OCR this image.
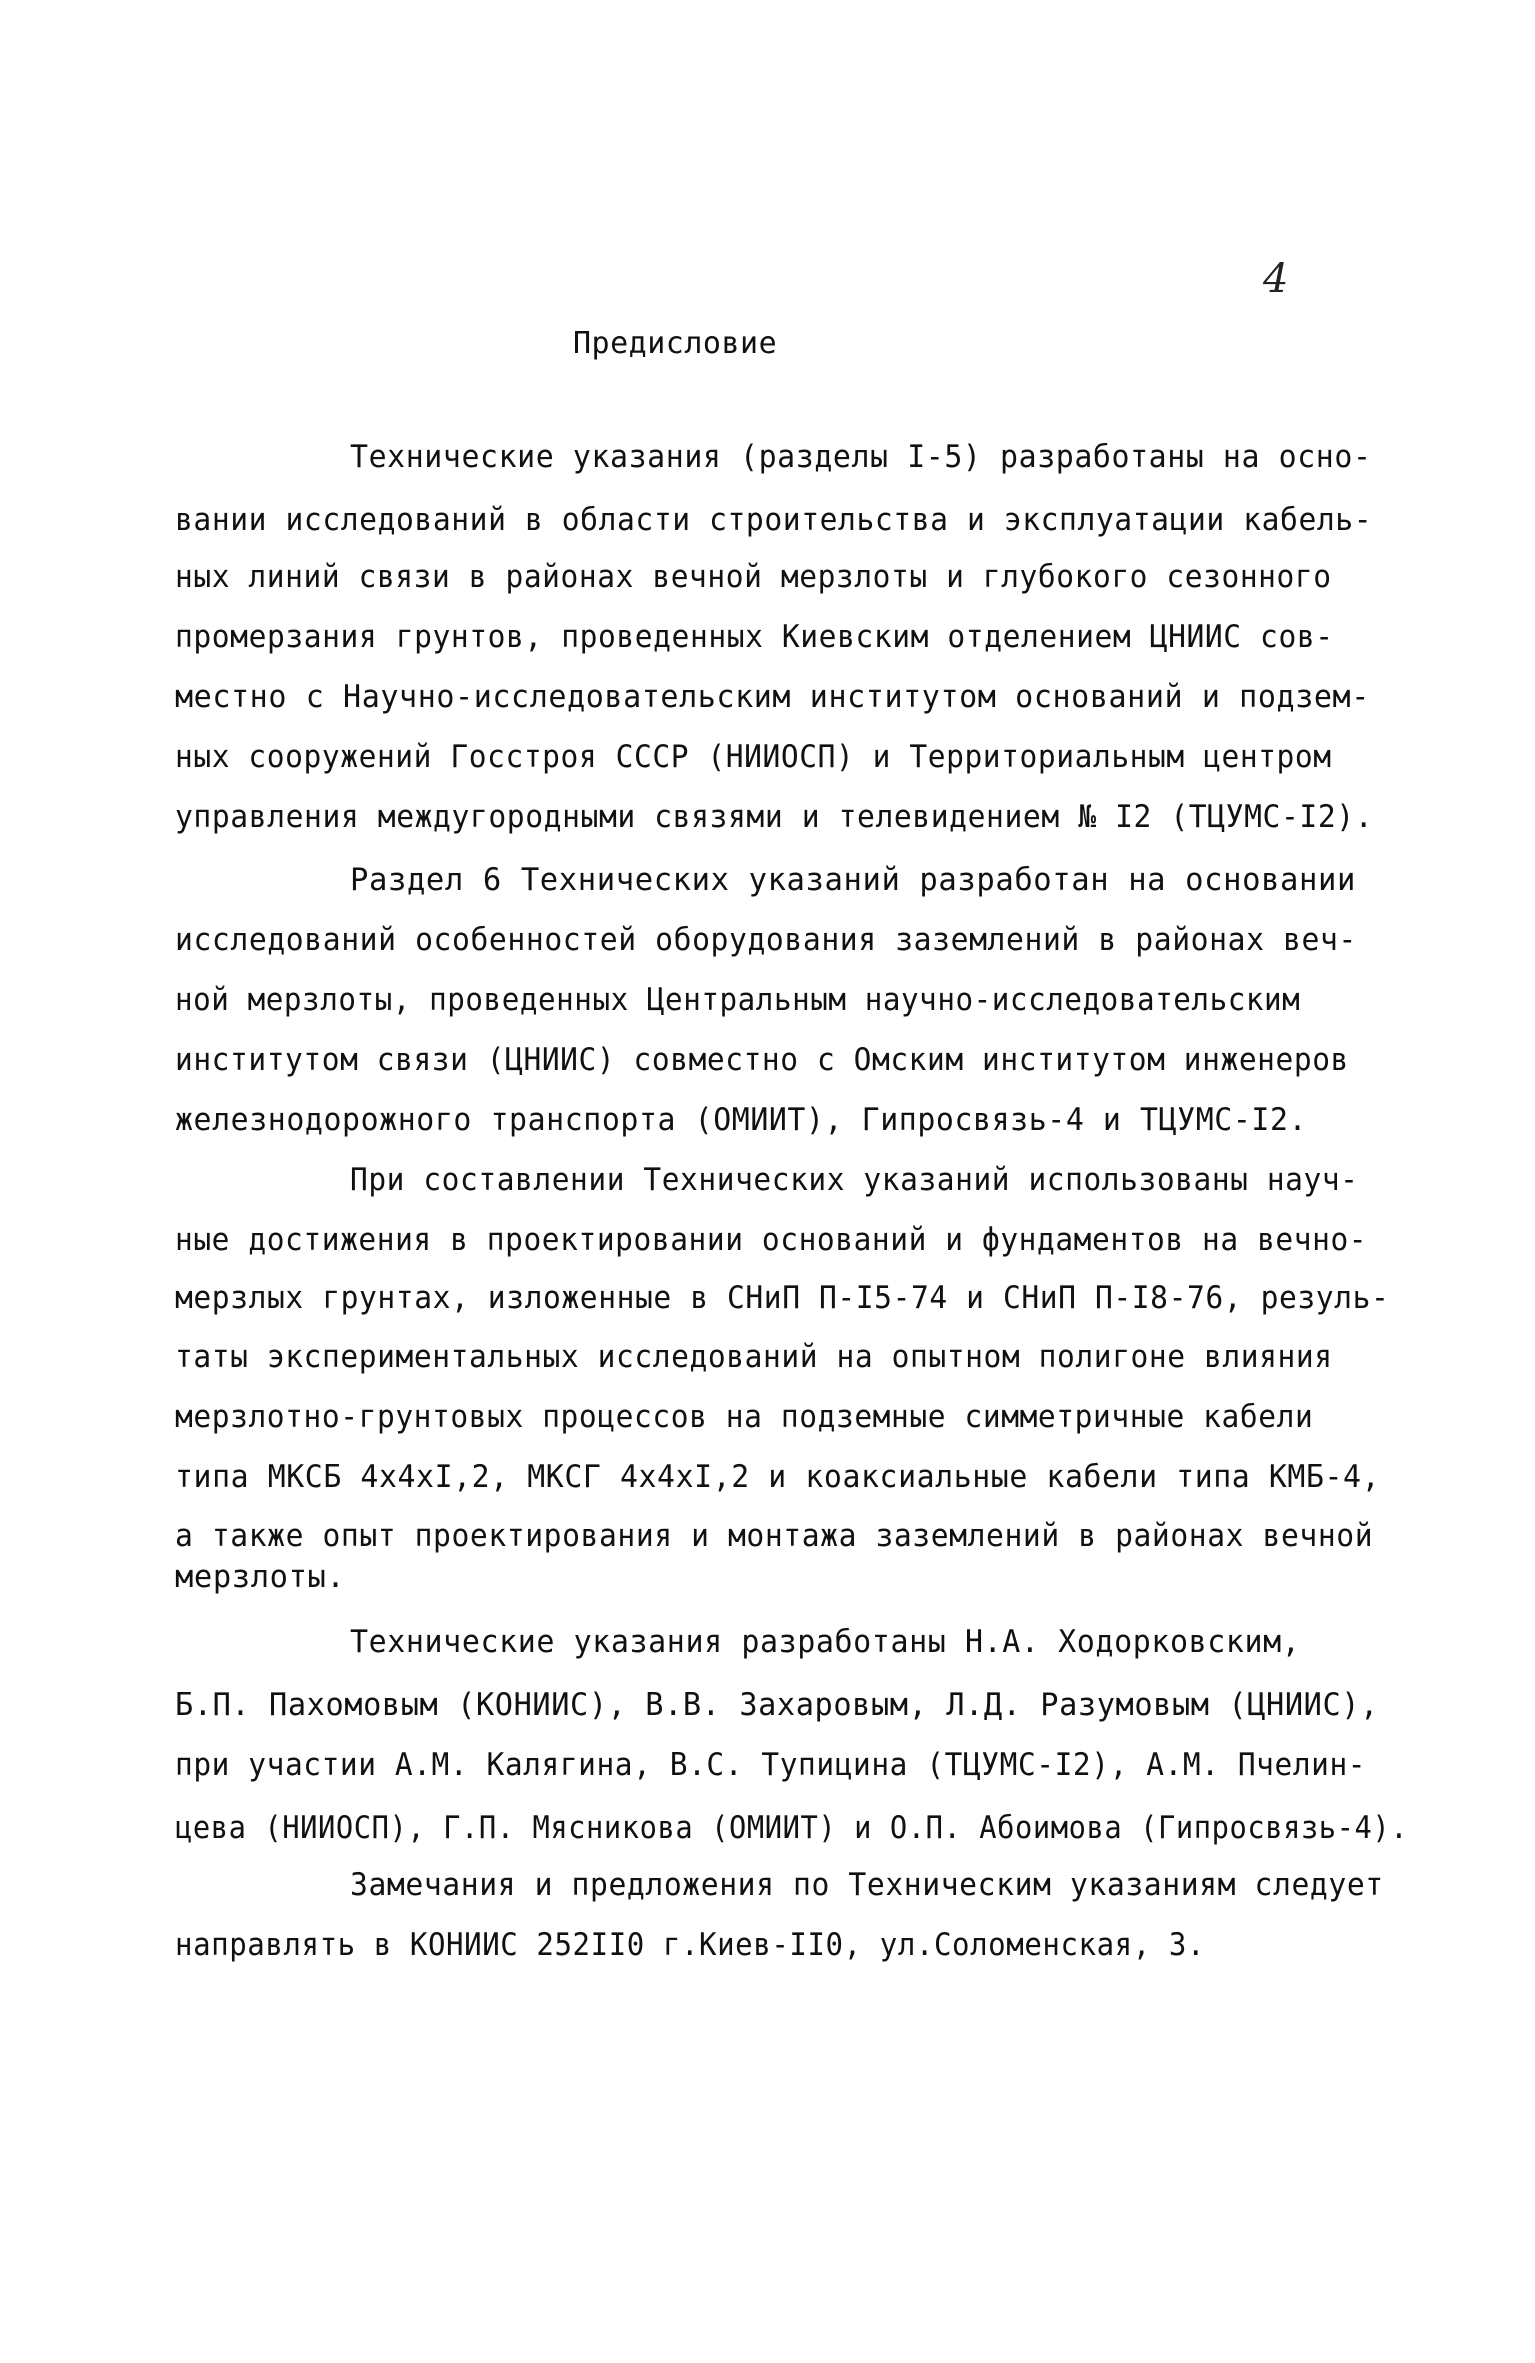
4
Предисловие
Технические указания (разделы I-5) разработаны на осно-
вании исследований в области строительства и эксплуатации кабель-
ных линий связи в районах вечной мерзлоты и глубокого сезонного
промерзания грунтов, проведенных Киевским отделением ЦНИИС сов-
местно с Научно-исследовательским институтом оснований и подзем-
ных сооружений Госстроя СССР (НИИОСП) и Территориальным центром
управления междугородными связями и телевидением № I2 (ТЦУМС-I2).
Раздел 6 Технических указаний разработан на основании
исследований особенностей оборудования заземлений в районах веч-
ной мерзлоты, проведенных Центральным научно-исследовательским
институтом связи (ЦНИИС) совместно с Омским институтом инженеров
железнодорожного транспорта (ОМИИТ), Гипросвязь-4 и ТЦУМС-I2.
При составлении Технических указаний использованы науч-
ные достижения в проектировании оснований и фундаментов на вечно-
мерзлых грунтах, изложенные в СНиП П-I5-74 и СНиП П-I8-76, резуль-
таты экспериментальных исследований на опытном полигоне влияния
мерзлотно-грунтовых процессов на подземные симметричные кабели
типа МКСБ 4х4хI,2, МКСГ 4х4хI,2 и коаксиальные кабели типа КМБ-4,
а также опыт проектирования и монтажа заземлений в районах вечной
мерзлоты.
Технические указания разработаны Н.А. Ходорковским,
Б.П. Пахомовым (КОНИИС), В.В. Захаровым, Л.Д. Разумовым (ЦНИИС),
при участии А.М. Калягина, В.С. Тупицина (ТЦУМС-I2), А.М. Пчелин-
цева (НИИОСП), Г.П. Мясникова (ОМИИТ) и О.П. Абоимова (Гипросвязь-4).
Замечания и предложения по Техническим указаниям следует
направлять в КОНИИС 252II0 г.Киев-II0, ул.Соломенская, 3.
